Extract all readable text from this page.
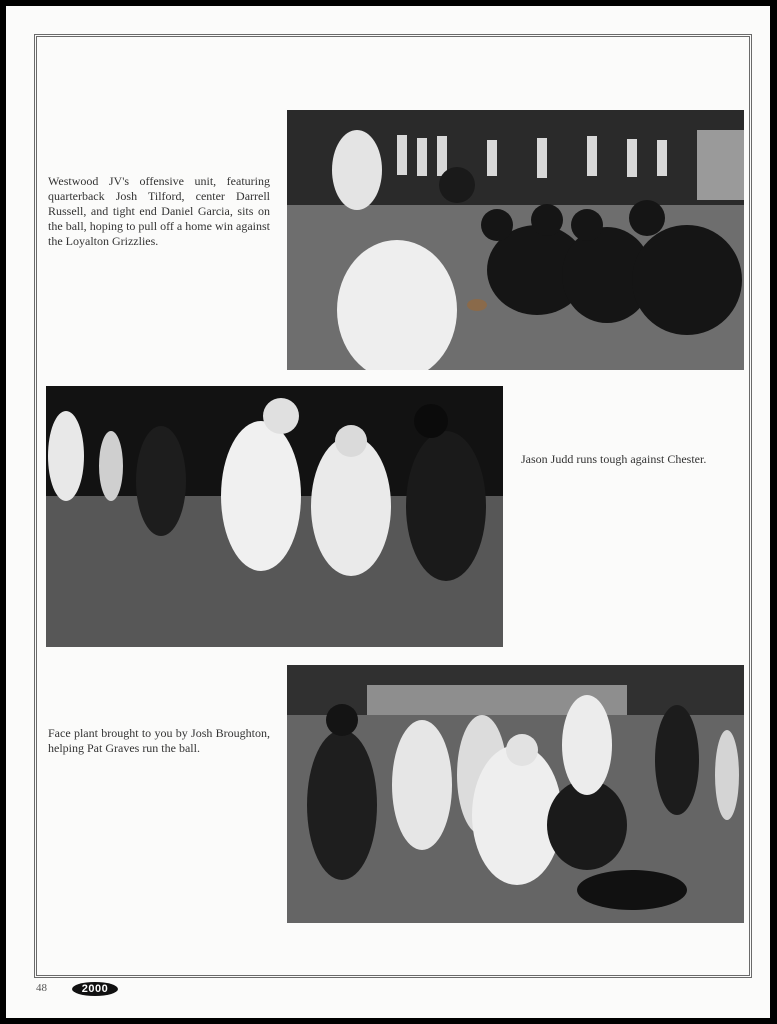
Westwood JV's offensive unit, featuring quarterback Josh Tilford, center Darrell Russell, and tight end Daniel Garcia, sits on the ball, hoping to pull off a home win against the Loyalton Grizzlies.
Jason Judd runs tough against Chester.
Face plant brought to you by Josh Broughton, helping Pat Graves run the ball.
48	2000
